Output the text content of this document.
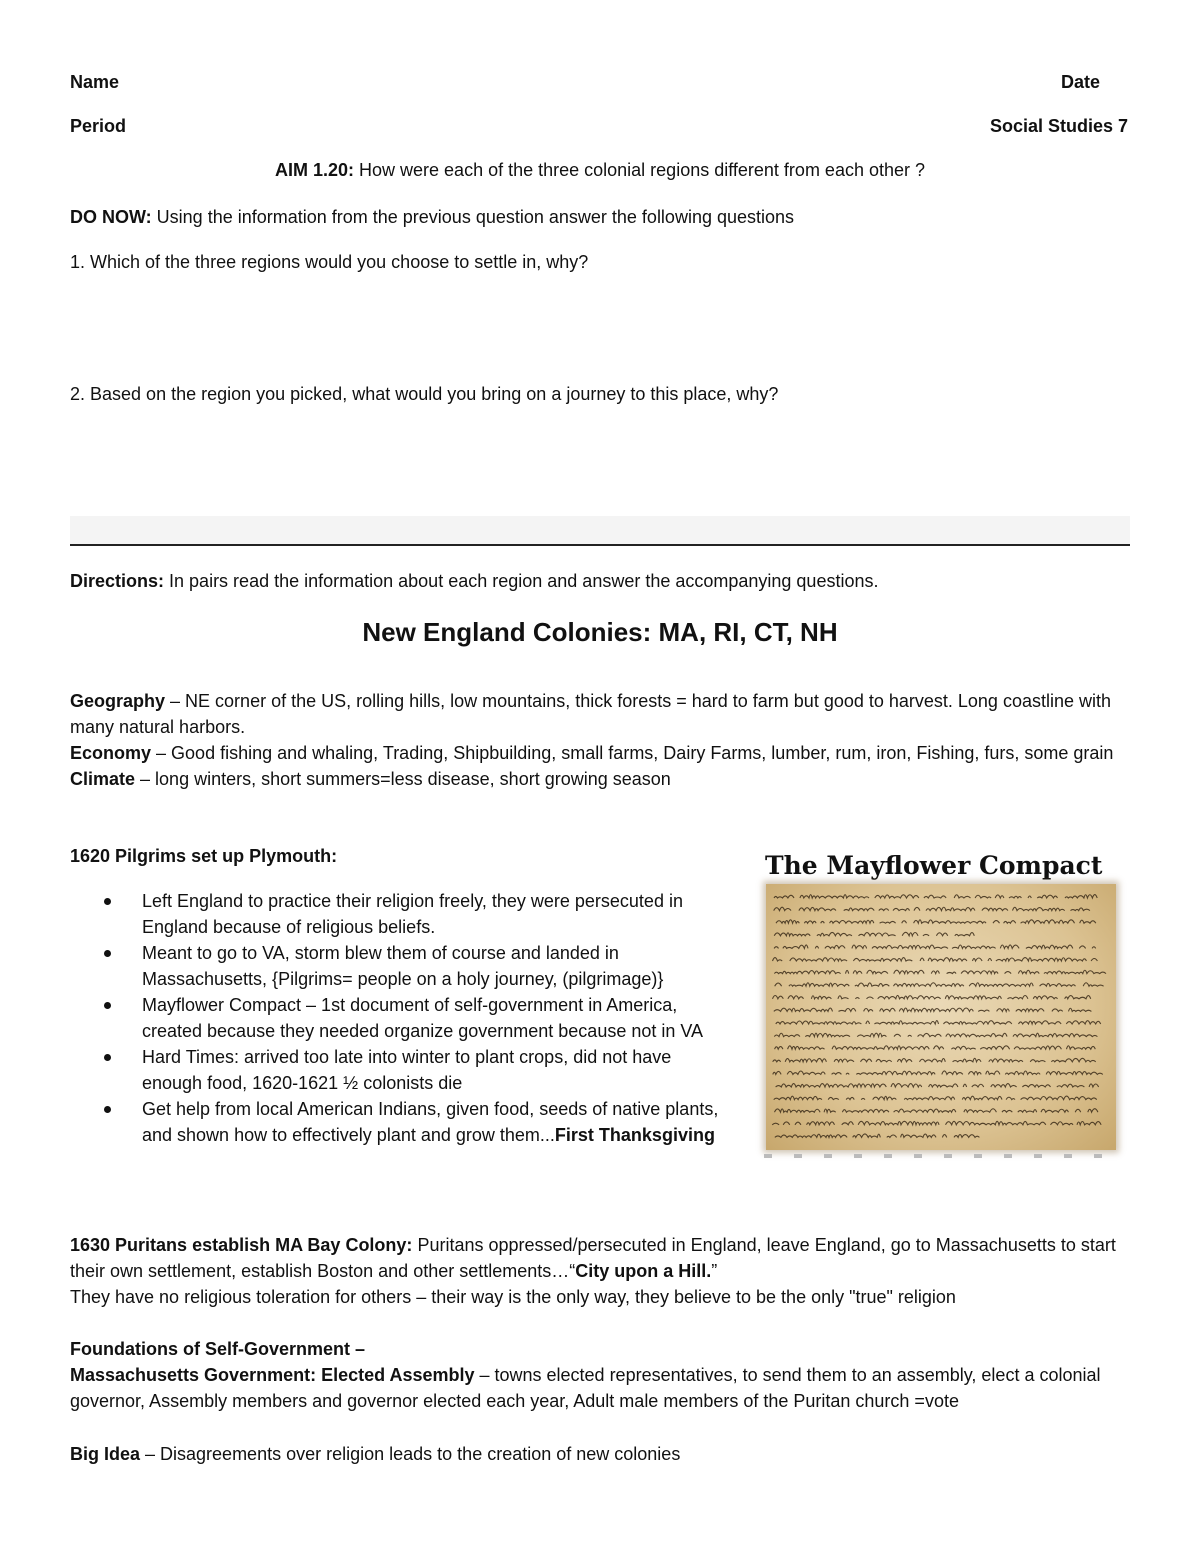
Name	Date
Period	Social Studies 7
AIM 1.20: How were each of the three colonial regions different from each other ?
DO NOW: Using the information from the previous question answer the following questions
1. Which of the three regions would you choose to settle in, why?
2. Based on the region you picked, what would you bring on a journey to this place, why?
Directions: In pairs read the information about each region and answer the accompanying questions.
New England Colonies: MA, RI, CT, NH
Geography – NE corner of the US, rolling hills, low mountains, thick forests = hard to farm but good to harvest. Long coastline with many natural harbors.
Economy – Good fishing and whaling, Trading, Shipbuilding, small farms, Dairy Farms, lumber, rum, iron, Fishing, furs, some grain
Climate – long winters, short summers=less disease, short growing season
1620 Pilgrims set up Plymouth:
Left England to practice their religion freely, they were persecuted in England because of religious beliefs.
Meant to go to VA, storm blew them of course and landed in Massachusetts, {Pilgrims= people on a holy journey, (pilgrimage)}
Mayflower Compact – 1st document of self-government in America, created because they needed organize government because not in VA
Hard Times: arrived too late into winter to plant crops, did not have enough food, 1620-1621 ½ colonists die
Get help from local American Indians, given food, seeds of native plants, and shown how to effectively plant and grow them...First Thanksgiving
The Mayflower Compact
1630 Puritans establish MA Bay Colony: Puritans oppressed/persecuted in England, leave England, go to Massachusetts to start their own settlement, establish Boston and other settlements…“City upon a Hill.”
They have no religious toleration for others – their way is the only way, they believe to be the only "true" religion
Foundations of Self-Government –
Massachusetts Government: Elected Assembly – towns elected representatives, to send them to an assembly, elect a colonial governor, Assembly members and governor elected each year, Adult male members of the Puritan church =vote
Big Idea – Disagreements over religion leads to the creation of new colonies
